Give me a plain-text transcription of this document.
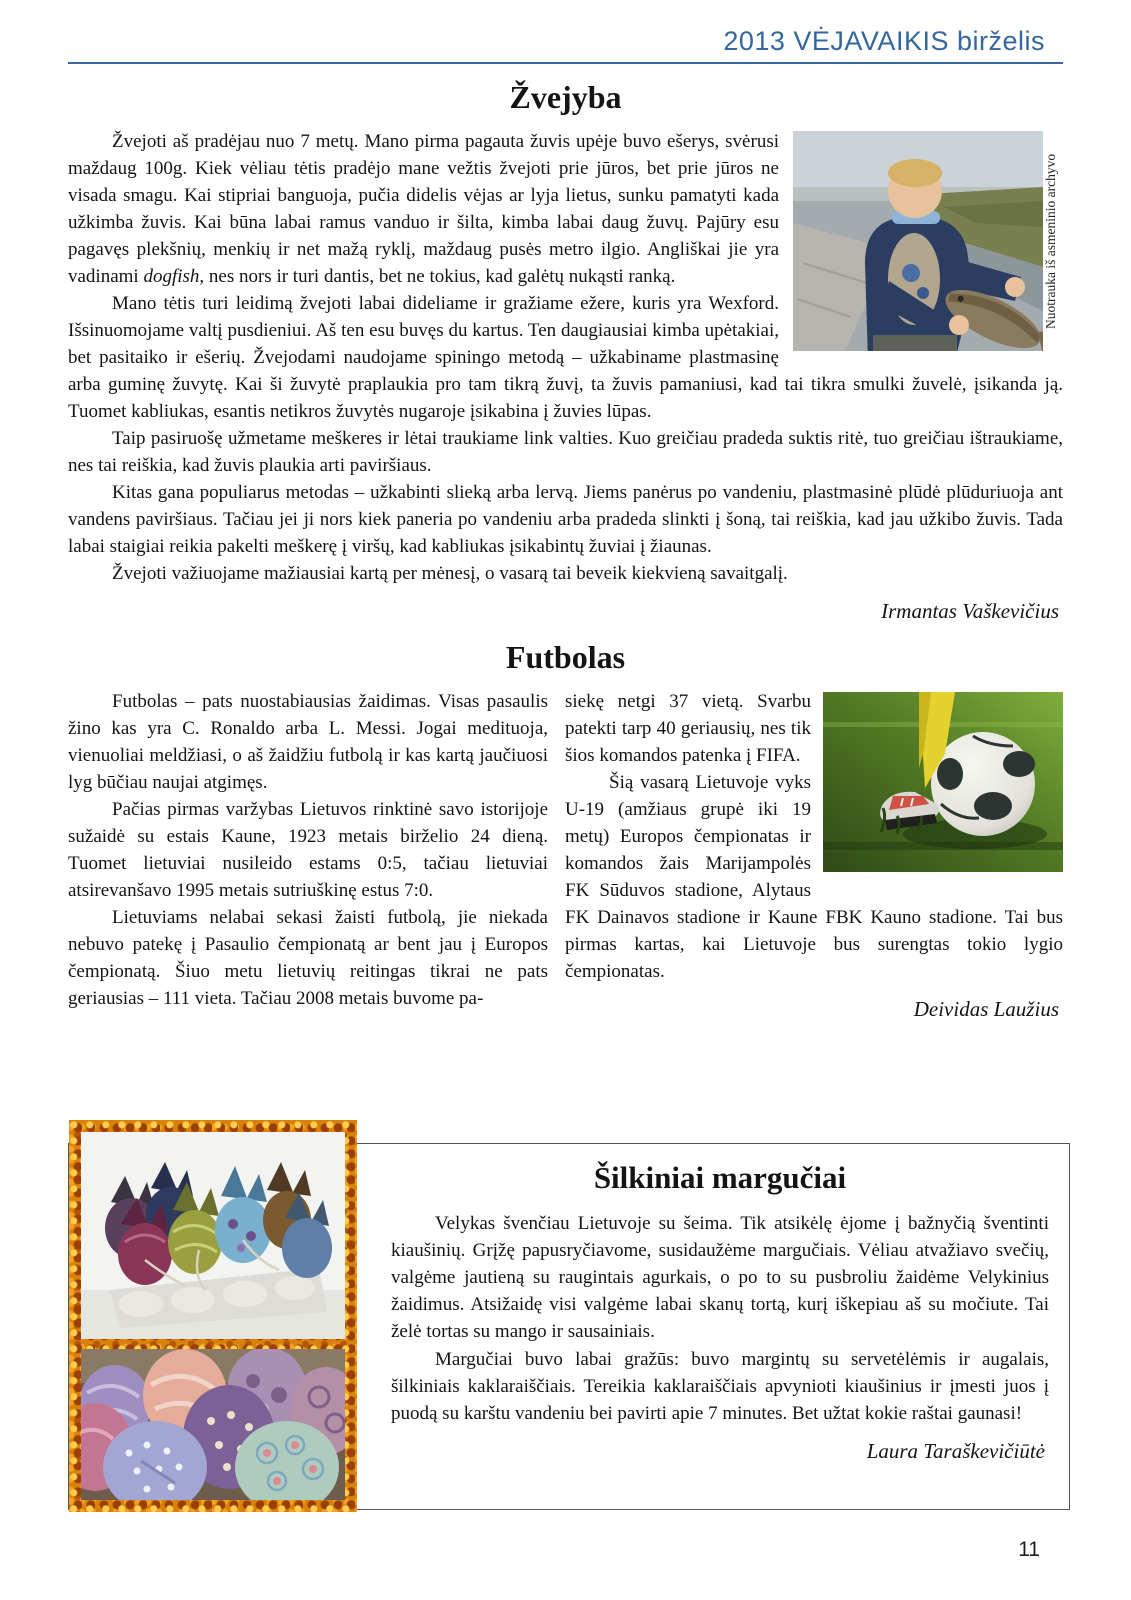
2013 VĖJAVAIKIS birželis
Žvejyba
Nuotrauka iš asmeninio archyvo

Žvejoti aš pradėjau nuo 7 metų. Mano pirma pagauta žuvis upėje buvo ešerys, svėrusi maždaug 100g. Kiek vėliau tėtis pradėjo mane vežtis žvejoti prie jūros, bet prie jūros ne visada smagu. Kai stipriai banguoja, pučia didelis vėjas ar lyja lietus, sunku pamatyti kada užkimba žuvis. Kai būna labai ramus vanduo ir šilta, kimba labai daug žuvų. Pajūry esu pagavęs plekšnių, menkių ir net mažą ryklį, maždaug pusės metro ilgio. Angliškai jie yra vadinami dogfish, nes nors ir turi dantis, bet ne tokius, kad galėtų nukąsti ranką.

Mano tėtis turi leidimą žvejoti labai dideliame ir gražiame ežere, kuris yra Wexford. Išsinuomojame valtį pusdieniui. Aš ten esu buvęs du kartus. Ten daugiausiai kimba upėtakiai, bet pasitaiko ir ešerių. Žvejodami naudojame spiningo metodą – užkabiname plastmasinę arba guminę žuvytę. Kai ši žuvytė praplaukia pro tam tikrą žuvį, ta žuvis pamaniusi, kad tai tikra smulki žuvelė, įsikanda ją. Tuomet kabliukas, esantis netikros žuvytės nugaroje įsikabina į žuvies lūpas.

Taip pasiruošę užmetame meškeres ir lėtai traukiame link valties. Kuo greičiau pradeda suktis ritė, tuo greičiau ištraukiame, nes tai reiškia, kad žuvis plaukia arti paviršiaus.

Kitas gana populiarus metodas – užkabinti slieką arba lervą. Jiems panėrus po vandeniu, plastmasinė plūdė plūduriuoja ant vandens paviršiaus. Tačiau jei ji nors kiek paneria po vandeniu arba pradeda slinkti į šoną, tai reiškia, kad jau užkibo žuvis. Tada labai staigiai reikia pakelti meškerę į viršų, kad kabliukas įsikabintų žuviai į žiaunas.

Žvejoti važiuojame mažiausiai kartą per mėnesį, o vasarą tai beveik kiekvieną savaitgalį.

Irmantas Vaškevičius
Futbolas

Futbolas – pats nuostabiausias žaidimas. Visas pasaulis žino kas yra C. Ronaldo arba L. Messi. Jogai medituoja, vienuoliai meldžiasi, o aš žaidžiu futbolą ir kas kartą jaučiuosi lyg būčiau naujai atgimęs.

Pačias pirmas varžybas Lietuvos rinktinė savo istorijoje sužaidė su estais Kaune, 1923 metais birželio 24 dieną. Tuomet lietuviai nusileido estams 0:5, tačiau lietuviai atsirevanšavo 1995 metais sutriuškinę estus 7:0.

Lietuviams nelabai sekasi žaisti futbolą, jie niekada nebuvo patekę į Pasaulio čempionatą ar bent jau į Europos čempionatą. Šiuo metu lietuvių reitingas tikrai ne pats geriausias – 111 vieta. Tačiau 2008 metais buvome pa-

siekę netgi 37 vietą. Svarbu patekti tarp 40 geriausių, nes tik šios komandos patenka į FIFA.

Šią vasarą Lietuvoje vyks U-19 (amžiaus grupė iki 19 metų) Europos čempionatas ir komandos žais Marijampolės FK Sūduvos stadione, Alytaus FK Dainavos stadione ir Kaune FBK Kauno stadione. Tai bus pirmas kartas, kai Lietuvoje bus surengtas tokio lygio čempionatas.

Deividas Laužius
Šilkiniai margučiai

Velykas švenčiau Lietuvoje su šeima. Tik atsikėlę ėjome į bažnyčią šventinti kiaušinių. Grįžę papusryčiavome, susidaužėme margučiais. Vėliau atvažiavo svečių, valgėme jautieną su raugintais agurkais, o po to su pusbroliu žaidėme Velykinius žaidimus. Atsižaidę visi valgėme labai skanų tortą, kurį iškepiau aš su močiute. Tai želė tortas su mango ir sausainiais.

Margučiai buvo labai gražūs: buvo margintų su servetėlėmis ir augalais, šilkiniais kaklaraiščiais. Tereikia kaklaraiščiais apvynioti kiaušinius ir įmesti juos į puodą su karštu vandeniu bei pavirti apie 7 minutes. Bet užtat kokie raštai gaunasi!

Laura Taraškevičiūtė
11
